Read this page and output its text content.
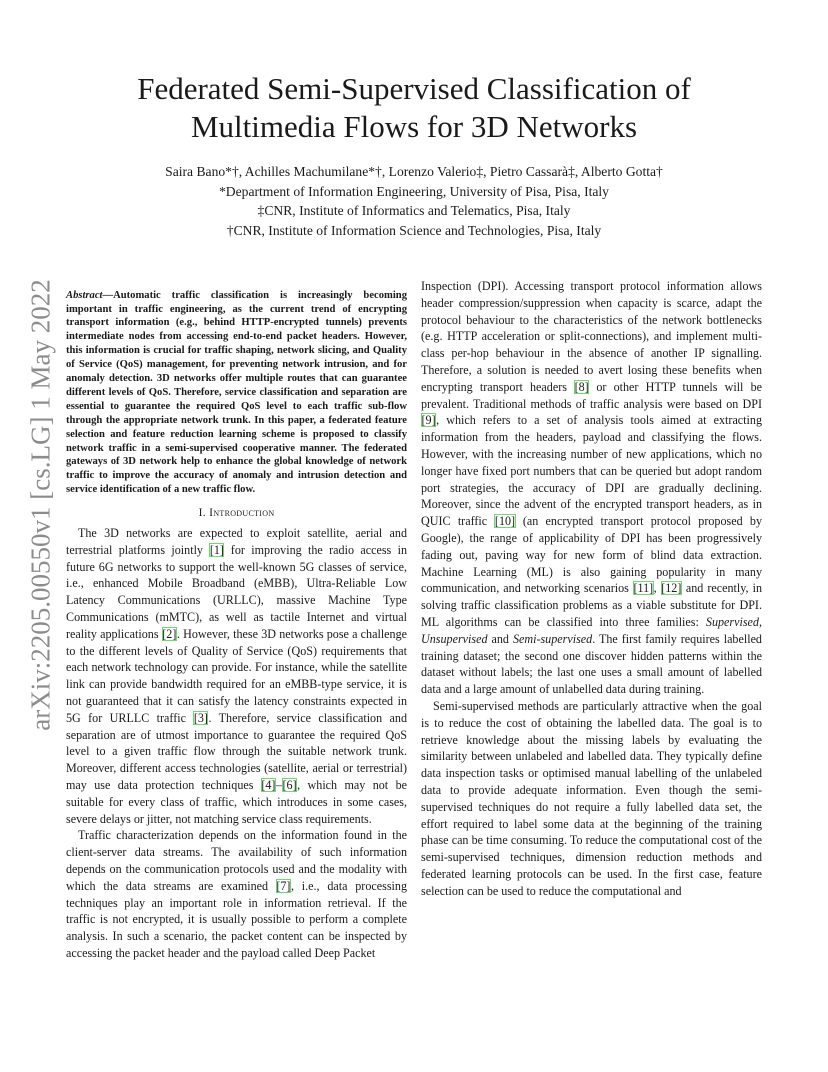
Federated Semi-Supervised Classification of
Multimedia Flows for 3D Networks
Saira Bano*†, Achilles Machumilane*†, Lorenzo Valerio‡, Pietro Cassarà‡, Alberto Gotta†
*Department of Information Engineering, University of Pisa, Pisa, Italy
‡CNR, Institute of Informatics and Telematics, Pisa, Italy
†CNR, Institute of Information Science and Technologies, Pisa, Italy
arXiv:2205.00550v1 [cs.LG] 1 May 2022 Abstract—Automatic traffic classification is increasingly becoming important in traffic engineering, as the current trend of encrypting transport information (e.g., behind HTTP-encrypted tunnels) prevents intermediate nodes from accessing end-to-end packet headers. However, this information is crucial for traffic shaping, network slicing, and Quality of Service (QoS) management, for preventing network intrusion, and for anomaly detection. 3D networks offer multiple routes that can guarantee different levels of QoS. Therefore, service classification and separation are essential to guarantee the required QoS level to each traffic sub-flow through the appropriate network trunk. In this paper, a federated feature selection and feature reduction learning scheme is proposed to classify network traffic in a semi-supervised cooperative manner. The federated gateways of 3D network help to enhance the global knowledge of network traffic to improve the accuracy of anomaly and intrusion detection and service identification of a new traffic flow.

I. Introduction

The 3D networks are expected to exploit satellite, aerial and terrestrial platforms jointly [1] for improving the radio access in future 6G networks to support the well-known 5G classes of service, i.e., enhanced Mobile Broadband (eMBB), Ultra-Reliable Low Latency Communications (URLLC), massive Machine Type Communications (mMTC), as well as tactile Internet and virtual reality applications [2]. However, these 3D networks pose a challenge to the different levels of Quality of Service (QoS) requirements that each network technology can provide. For instance, while the satellite link can provide bandwidth required for an eMBB-type service, it is not guaranteed that it can satisfy the latency constraints expected in 5G for URLLC traffic [3]. Therefore, service classification and separation are of utmost importance to guarantee the required QoS level to a given traffic flow through the suitable network trunk. Moreover, different access technologies (satellite, aerial or terrestrial) may use data protection techniques [4]–[6], which may not be suitable for every class of traffic, which introduces in some cases, severe delays or jitter, not matching service class requirements.

Traffic characterization depends on the information found in the client-server data streams. The availability of such information depends on the communication protocols used and the modality with which the data streams are examined [7], i.e., data processing techniques play an important role in information retrieval. If the traffic is not encrypted, it is usually possible to perform a complete analysis. In such a scenario, the packet content can be inspected by accessing the packet header and the payload called Deep Packet

Inspection (DPI). Accessing transport protocol information allows header compression/suppression when capacity is scarce, adapt the protocol behaviour to the characteristics of the network bottlenecks (e.g. HTTP acceleration or split-connections), and implement multi-class per-hop behaviour in the absence of another IP signalling. Therefore, a solution is needed to avert losing these benefits when encrypting transport headers [8] or other HTTP tunnels will be prevalent. Traditional methods of traffic analysis were based on DPI [9], which refers to a set of analysis tools aimed at extracting information from the headers, payload and classifying the flows. However, with the increasing number of new applications, which no longer have fixed port numbers that can be queried but adopt random port strategies, the accuracy of DPI are gradually declining. Moreover, since the advent of the encrypted transport headers, as in QUIC traffic [10] (an encrypted transport protocol proposed by Google), the range of applicability of DPI has been progressively fading out, paving way for new form of blind data extraction. Machine Learning (ML) is also gaining popularity in many communication, and networking scenarios [11], [12] and recently, in solving traffic classification problems as a viable substitute for DPI. ML algorithms can be classified into three families: Supervised, Unsupervised and Semi-supervised. The first family requires labelled training dataset; the second one discover hidden patterns within the dataset without labels; the last one uses a small amount of labelled data and a large amount of unlabelled data during training.

Semi-supervised methods are particularly attractive when the goal is to reduce the cost of obtaining the labelled data. The goal is to retrieve knowledge about the missing labels by evaluating the similarity between unlabeled and labelled data. They typically define data inspection tasks or optimised manual labelling of the unlabeled data to provide adequate information. Even though the semi-supervised techniques do not require a fully labelled data set, the effort required to label some data at the beginning of the training phase can be time consuming. To reduce the computational cost of the semi-supervised techniques, dimension reduction methods and federated learning protocols can be used. In the first case, feature selection can be used to reduce the computational and
